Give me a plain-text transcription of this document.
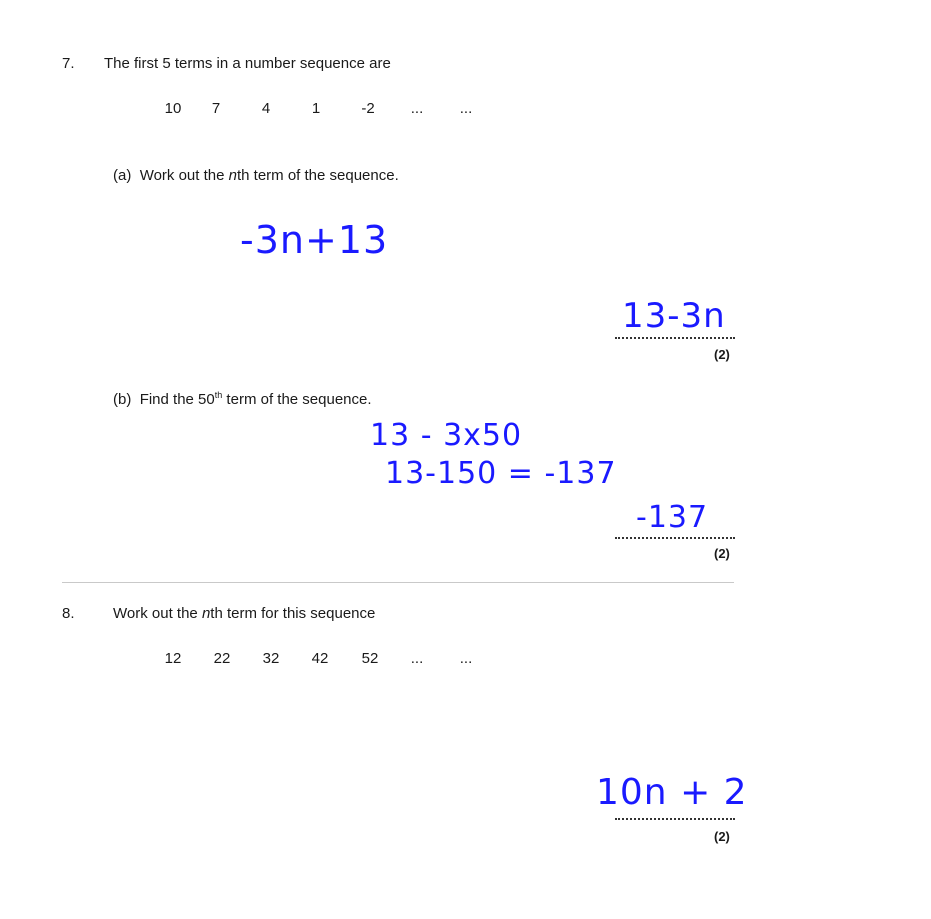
7. The first 5 terms in a number sequence are
10	7	4	1	-2	...	...
(a) Work out the nth term of the sequence.
-3n+13
13-3n
(2)
(b) Find the 50th term of the sequence.
13 - 3x50
13-150 = -137
-137
(2)
8.	Work out the nth term for this sequence
12	22	32	42	52	...	...
10n + 2
(2)
